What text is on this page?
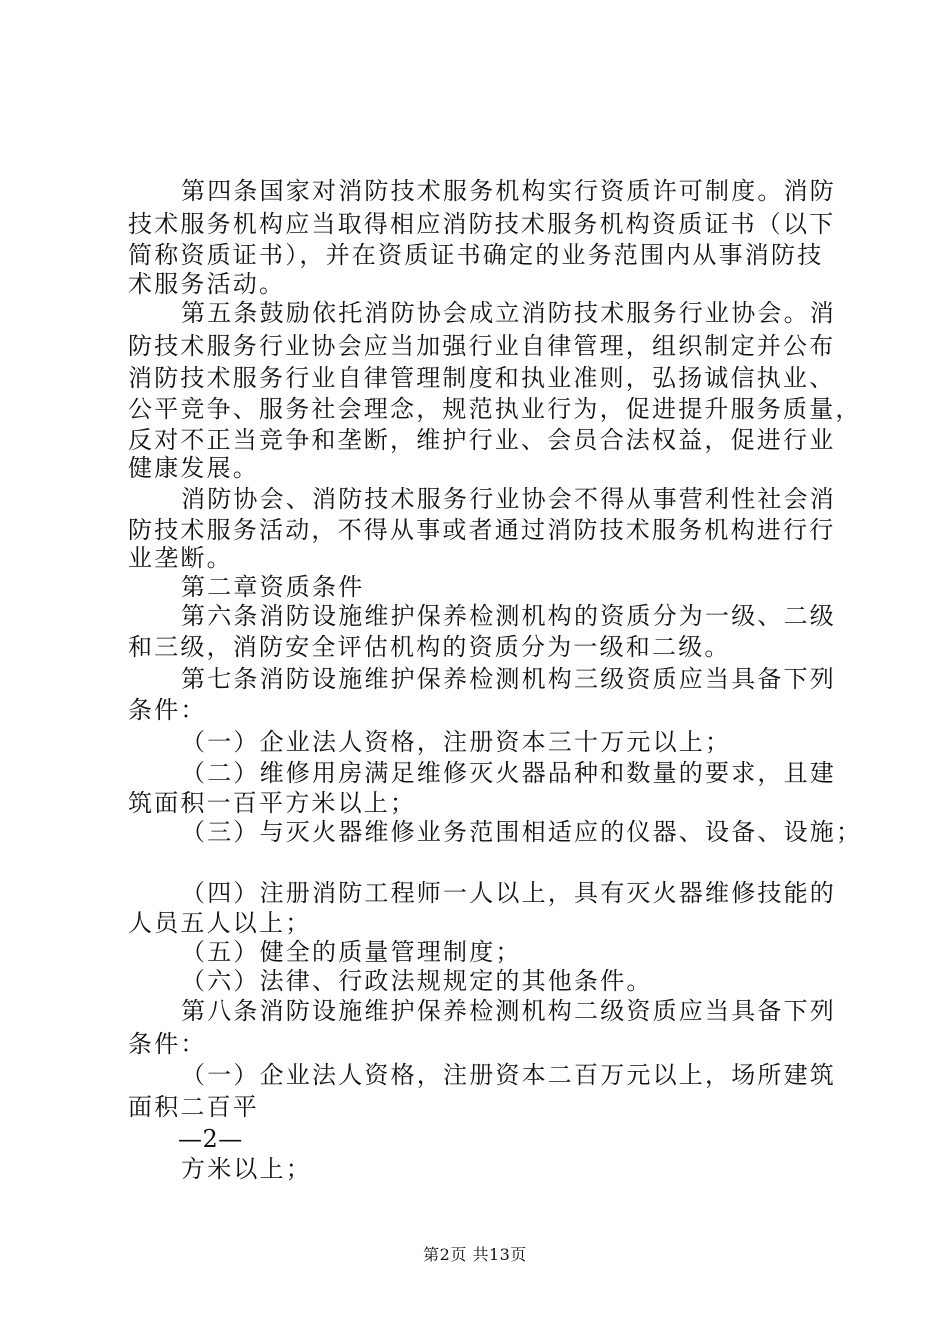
第四条国家对消防技术服务机构实行资质许可制度。消防
技术服务机构应当取得相应消防技术服务机构资质证书（以下
简称资质证书），并在资质证书确定的业务范围内从事消防技
术服务活动。
第五条鼓励依托消防协会成立消防技术服务行业协会。消
防技术服务行业协会应当加强行业自律管理，组织制定并公布
消防技术服务行业自律管理制度和执业准则，弘扬诚信执业、
公平竞争、服务社会理念，规范执业行为，促进提升服务质量，
反对不正当竞争和垄断，维护行业、会员合法权益，促进行业
健康发展。
消防协会、消防技术服务行业协会不得从事营利性社会消
防技术服务活动，不得从事或者通过消防技术服务机构进行行
业垄断。
第二章资质条件
第六条消防设施维护保养检测机构的资质分为一级、二级
和三级，消防安全评估机构的资质分为一级和二级。
第七条消防设施维护保养检测机构三级资质应当具备下列
条件：
（一）企业法人资格，注册资本三十万元以上；
（二）维修用房满足维修灭火器品种和数量的要求，且建
筑面积一百平方米以上；
（三）与灭火器维修业务范围相适应的仪器、设备、设施；
（四）注册消防工程师一人以上，具有灭火器维修技能的
人员五人以上；
（五）健全的质量管理制度；
（六）法律、行政法规规定的其他条件。
第八条消防设施维护保养检测机构二级资质应当具备下列
条件：
（一）企业法人资格，注册资本二百万元以上，场所建筑
面积二百平
—2—
方米以上；
第2页 共13页
